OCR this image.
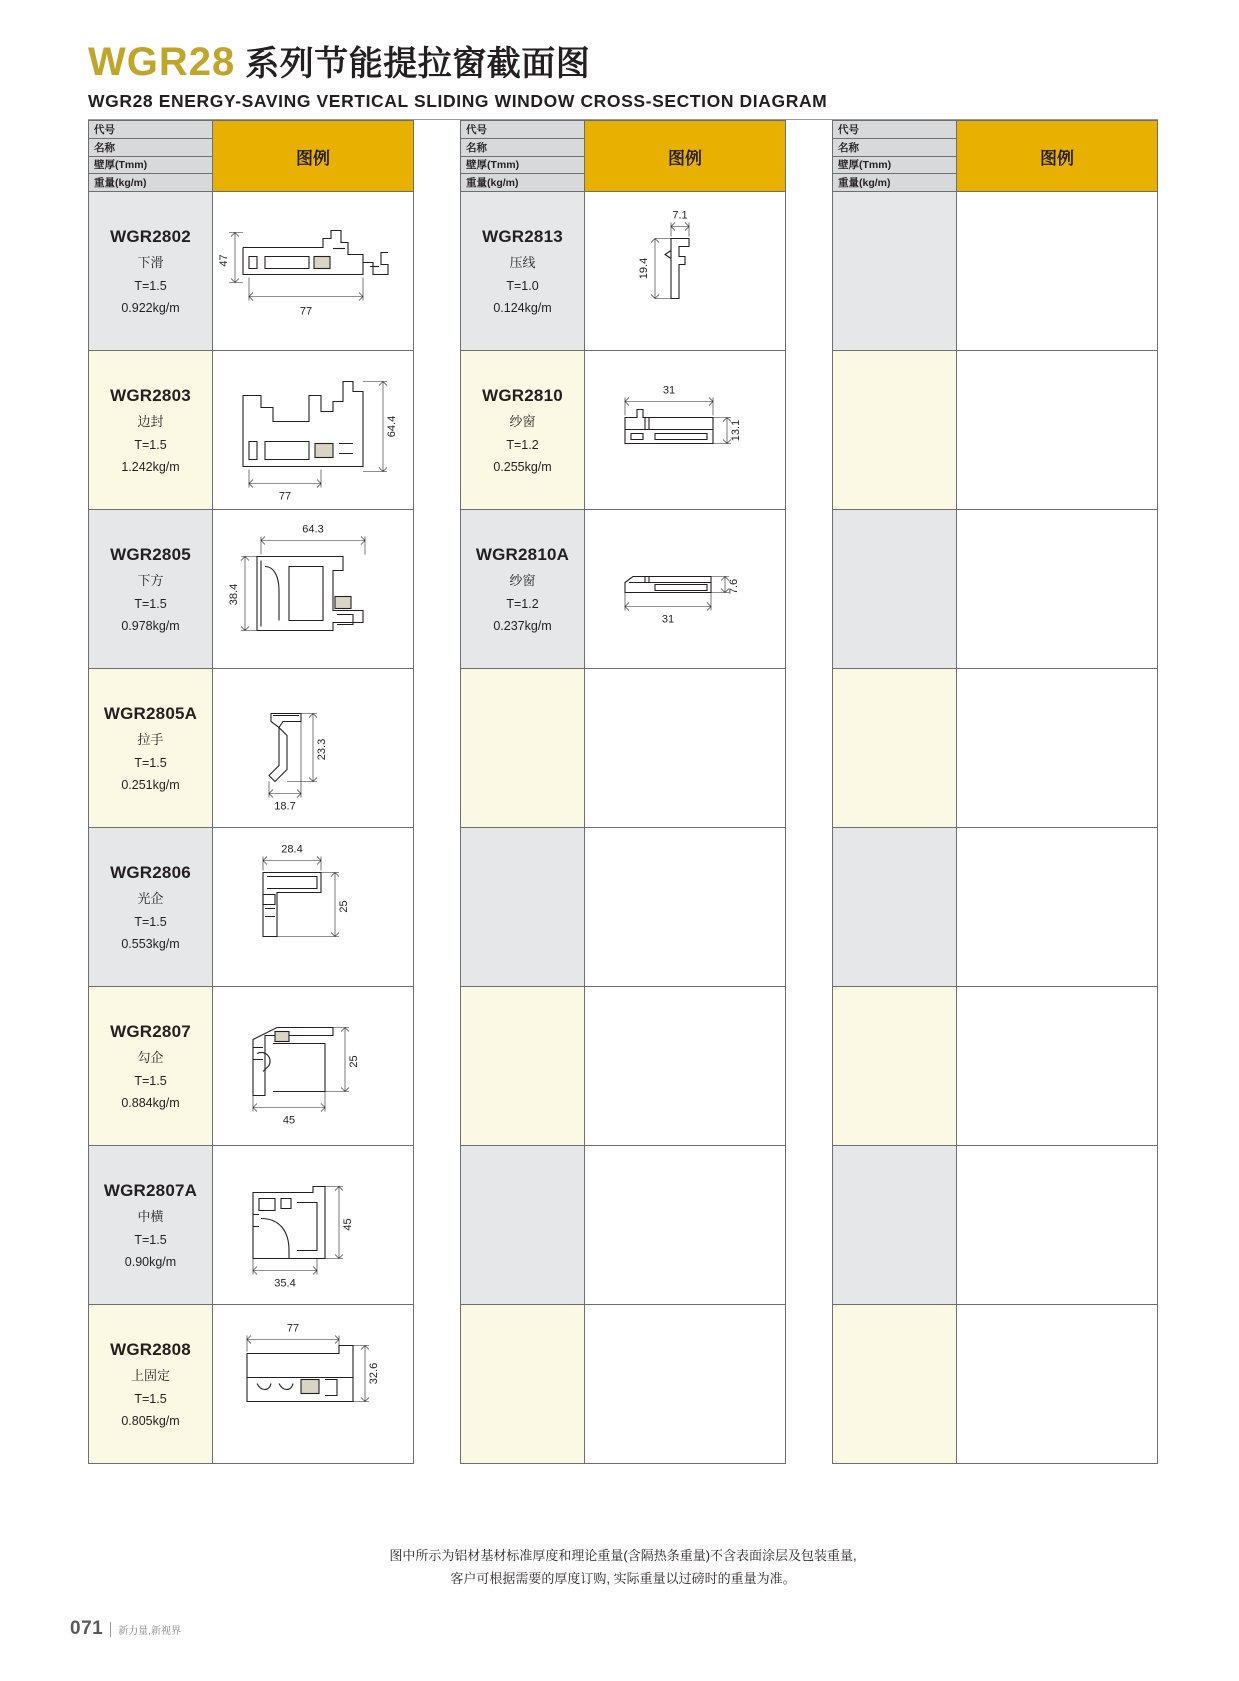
WGR28 系列节能提拉窗截面图
WGR28 ENERGY-SAVING VERTICAL SLIDING WINDOW CROSS-SECTION DIAGRAM
代号
名称
壁厚(Tmm)
重量(kg/m)
图例
WGR2802
下滑
T=1.5
0.922kg/m
47
77
WGR2803
边封
T=1.5
1.242kg/m
64.4
77
WGR2805
下方
T=1.5
0.978kg/m
64.3
38.4
WGR2805A
拉手
T=1.5
0.251kg/m
23.3
18.7
WGR2806
光企
T=1.5
0.553kg/m
28.4
25
WGR2807
勾企
T=1.5
0.884kg/m
25
45
WGR2807A
中横
T=1.5
0.90kg/m
45
35.4
WGR2808
上固定
T=1.5
0.805kg/m
77
32.6
代号
名称
壁厚(Tmm)
重量(kg/m)
图例
WGR2813
压线
T=1.0
0.124kg/m
7.1
19.4
WGR2810
纱窗
T=1.2
0.255kg/m
31
13.1
WGR2810A
纱窗
T=1.2
0.237kg/m
7.6
31
代号
名称
壁厚(Tmm)
重量(kg/m)
图例
图中所示为铝材基材标准厚度和理论重量(含隔热条重量)不含表面涂层及包装重量,
客户可根据需要的厚度订购, 实际重量以过磅时的重量为准。
071 新力量,新视界
